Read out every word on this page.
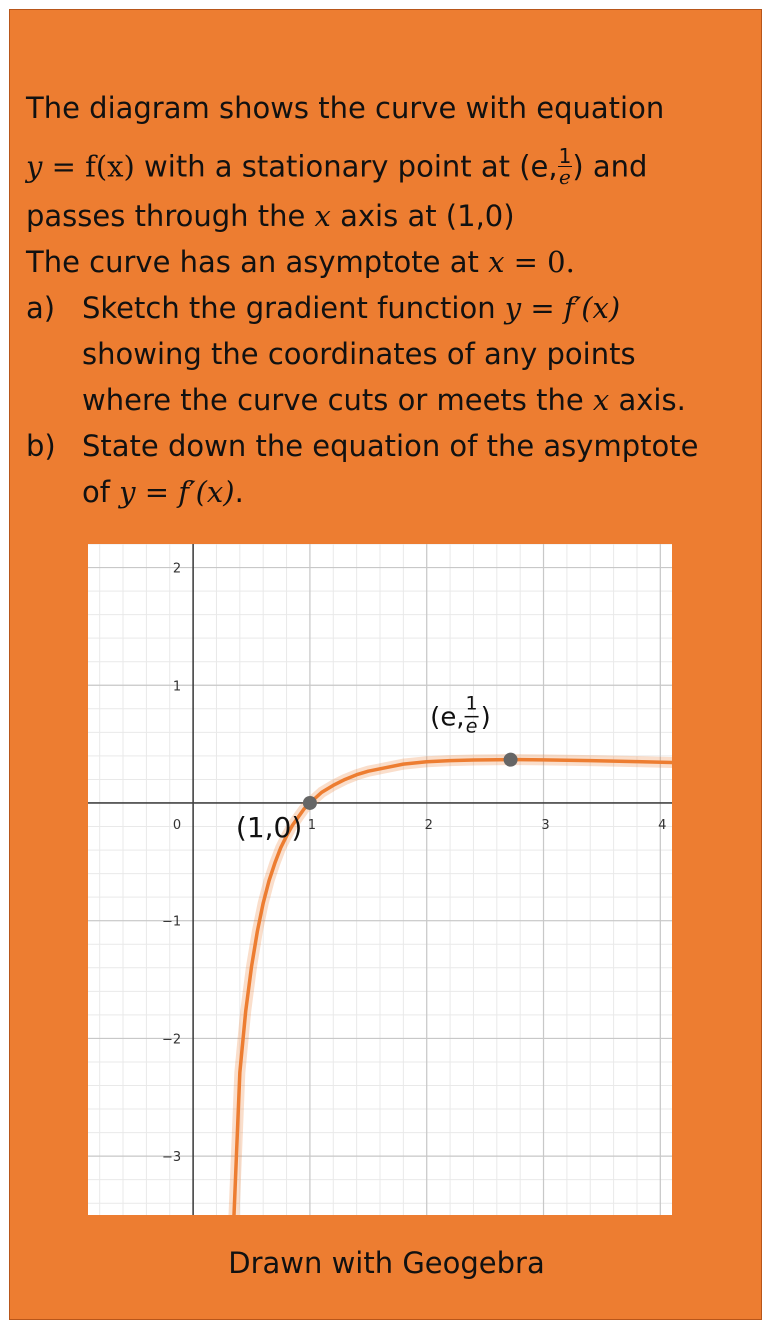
The diagram shows the curve with equation
y = f(x) with a stationary point at (e, $\frac{1}{e}$ ) and
passes through the x axis at (1,0)
The curve has an asymptote at x = 0.
a) Sketch the gradient function y = f′(x)
showing the coordinates of any points
where the curve cuts or meets the x axis.
b) State down the equation of the asymptote
of y = f′(x).
1	2	3	4
2
1
0
−1
−2
−3
(1,0)
(e, 1
e )
Drawn with Geogebra
